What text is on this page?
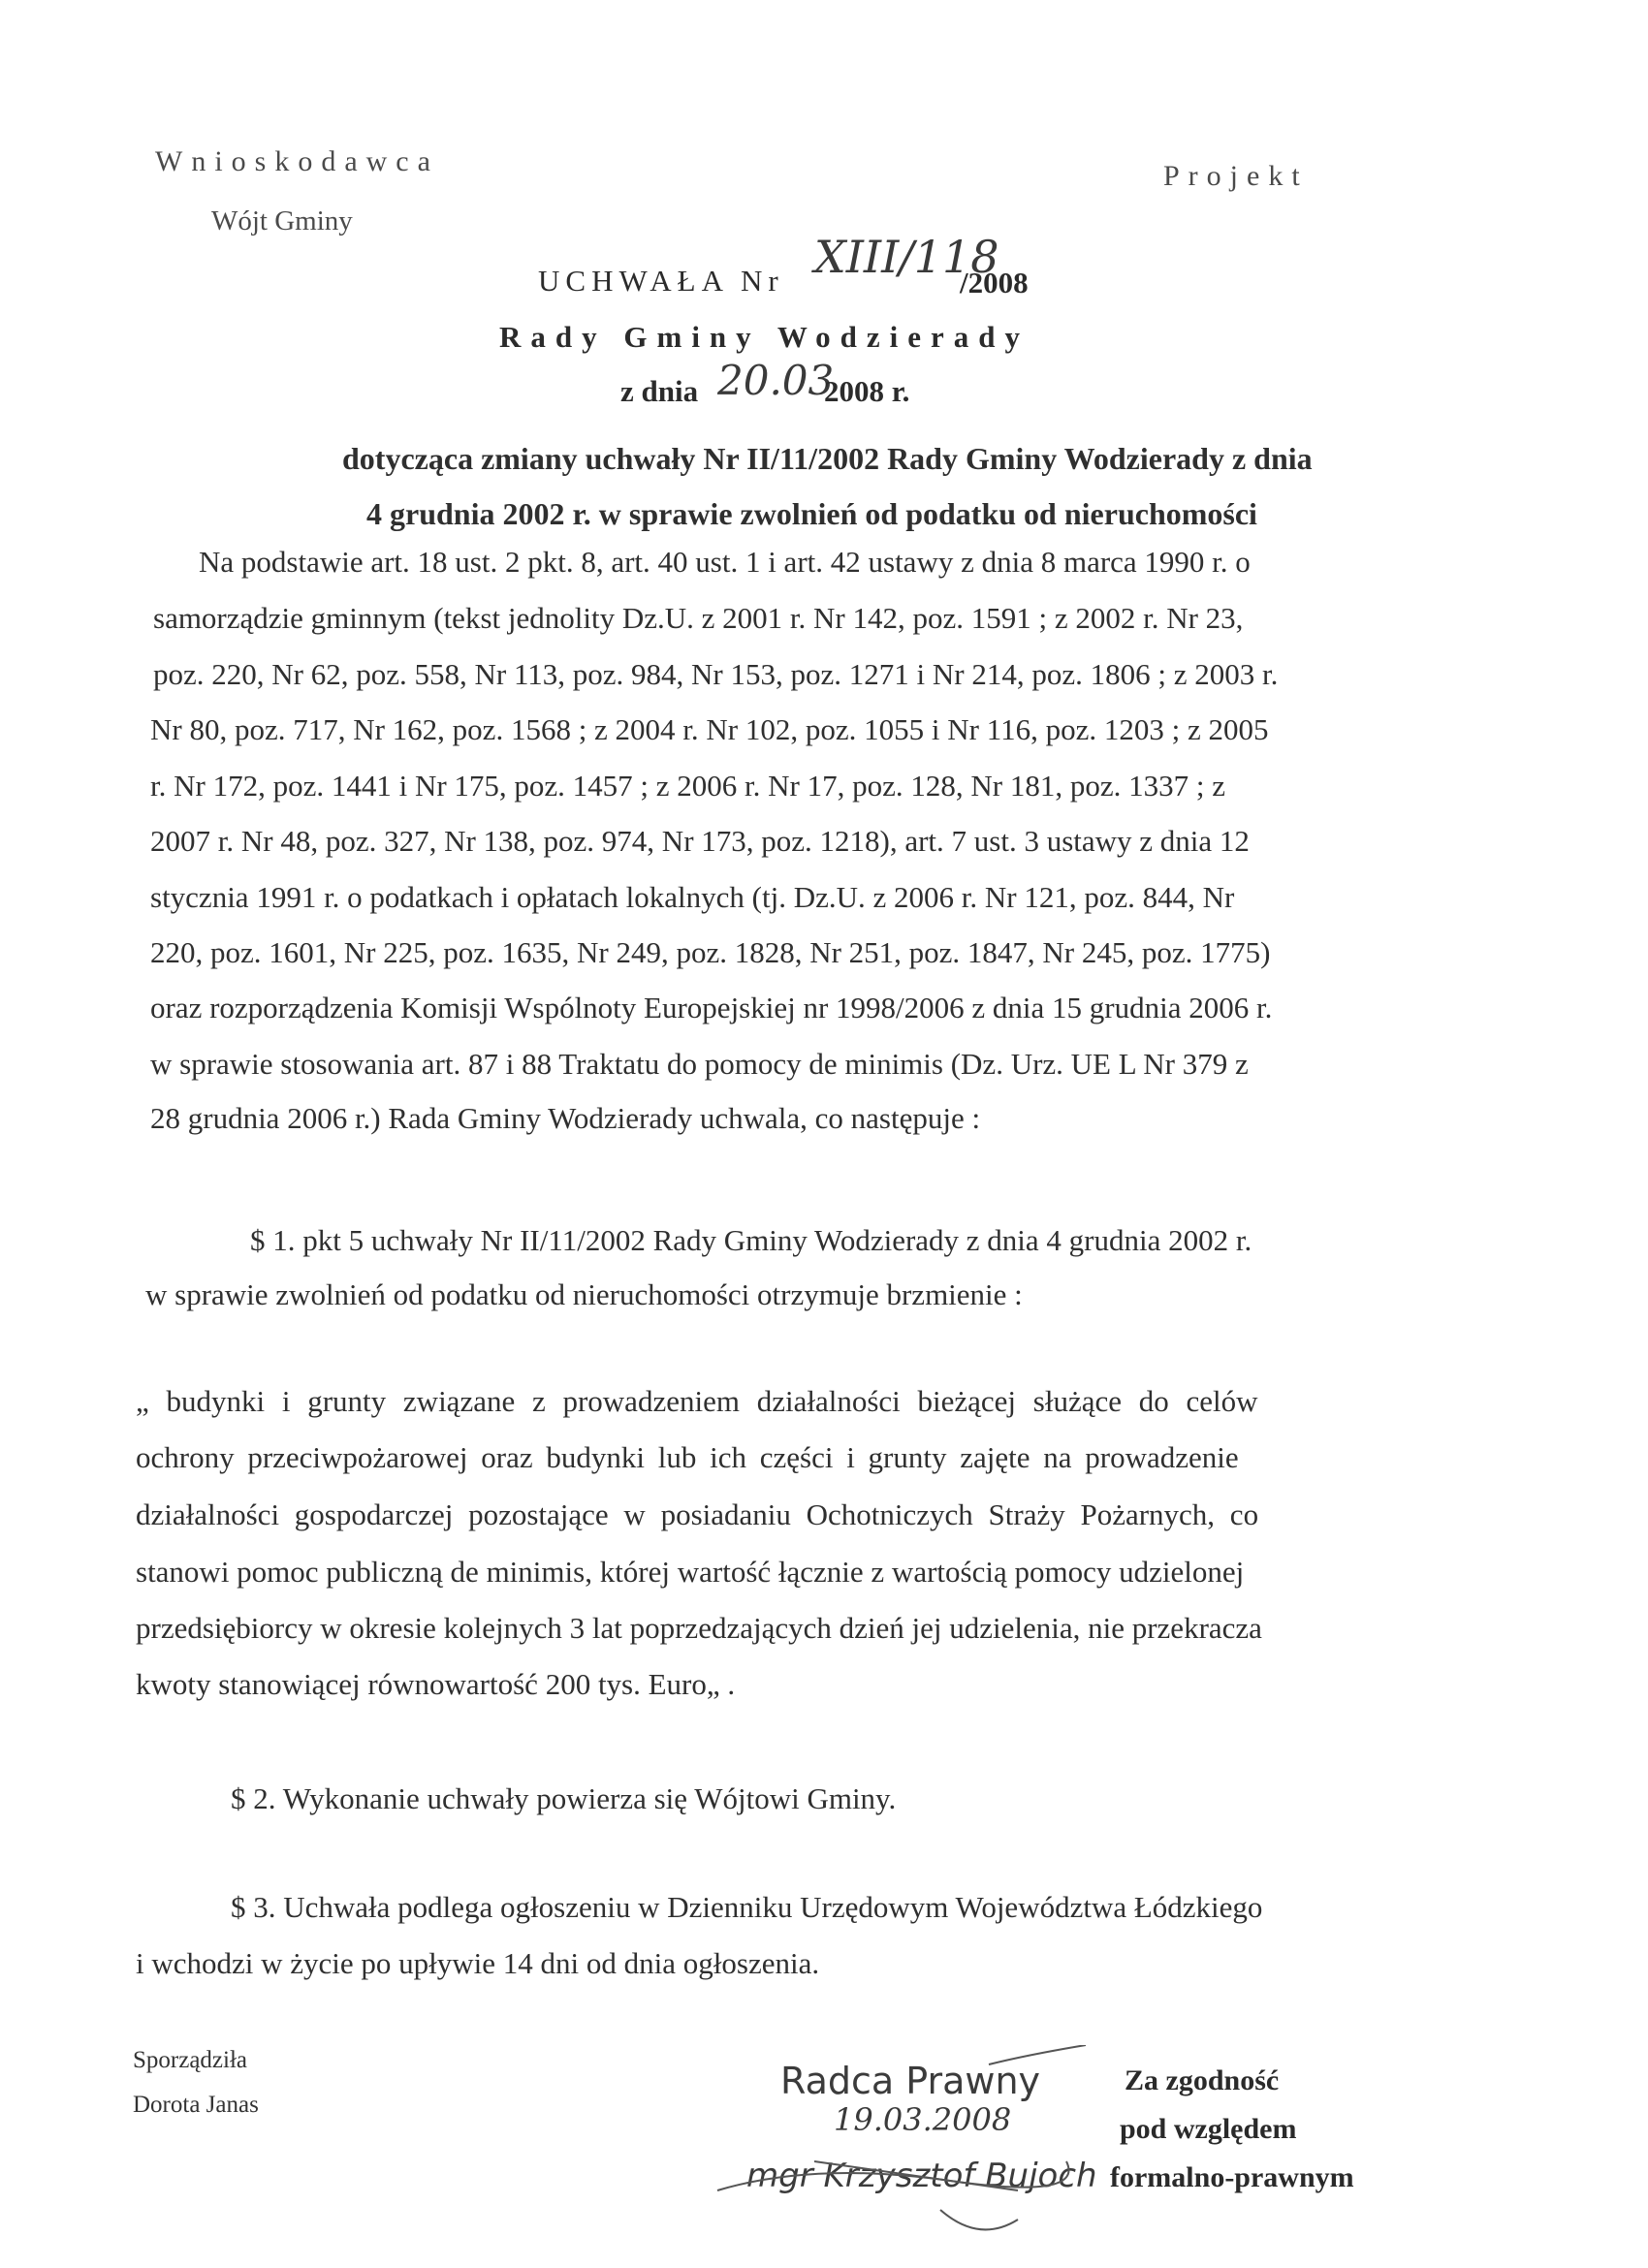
Wnioskodawca
Wójt Gminy
Projekt
UCHWAŁA Nr XIII/118
/2008
Rady Gminy Wodzierady
z dnia 20.03
2008 r.
dotycząca zmiany uchwały Nr II/11/2002 Rady Gminy Wodzierady z dnia
4 grudnia 2002 r. w sprawie zwolnień od podatku od nieruchomości
Na podstawie art. 18 ust. 2 pkt. 8, art. 40 ust. 1 i art. 42 ustawy z dnia 8 marca 1990 r. o
samorządzie gminnym (tekst jednolity Dz.U. z 2001 r. Nr 142, poz. 1591 ; z 2002 r. Nr 23,
poz. 220, Nr 62, poz. 558, Nr 113, poz. 984, Nr 153, poz. 1271 i Nr 214, poz. 1806 ; z 2003 r.
Nr 80, poz. 717, Nr 162, poz. 1568 ; z 2004 r. Nr 102, poz. 1055 i Nr 116, poz. 1203 ; z 2005
r. Nr 172, poz. 1441 i Nr 175, poz. 1457 ; z 2006 r. Nr 17, poz. 128, Nr 181, poz. 1337 ; z
2007 r. Nr 48, poz. 327, Nr 138, poz. 974, Nr 173, poz. 1218), art. 7 ust. 3 ustawy z dnia 12
stycznia 1991 r. o podatkach i opłatach lokalnych (tj. Dz.U. z 2006 r. Nr 121, poz. 844, Nr
220, poz. 1601, Nr 225, poz. 1635, Nr 249, poz. 1828, Nr 251, poz. 1847, Nr 245, poz. 1775)
oraz rozporządzenia Komisji Wspólnoty Europejskiej nr 1998/2006 z dnia 15 grudnia 2006 r.
w sprawie stosowania art. 87 i 88 Traktatu do pomocy de minimis (Dz. Urz. UE L Nr 379 z
28 grudnia 2006 r.) Rada Gminy Wodzierady uchwala, co następuje :
$ 1. pkt 5 uchwały Nr II/11/2002 Rady Gminy Wodzierady z dnia 4 grudnia 2002 r.
w sprawie zwolnień od podatku od nieruchomości otrzymuje brzmienie :
„ budynki i grunty związane z prowadzeniem działalności bieżącej służące do celów
ochrony przeciwpożarowej oraz budynki lub ich części i grunty zajęte na prowadzenie
działalności gospodarczej pozostające w posiadaniu Ochotniczych Straży Pożarnych, co
stanowi pomoc publiczną de minimis, której wartość łącznie z wartością pomocy udzielonej
przedsiębiorcy w okresie kolejnych 3 lat poprzedzających dzień jej udzielenia, nie przekracza
kwoty stanowiącej równowartość 200 tys. Euro„ .
$ 2. Wykonanie uchwały powierza się Wójtowi Gminy.
$ 3. Uchwała podlega ogłoszeniu w Dzienniku Urzędowym Województwa Łódzkiego
i wchodzi w życie po upływie 14 dni od dnia ogłoszenia.
Sporządziła
Dorota Janas
Radca Prawny
19.03.2008
mgr Krzysztof Bujoch
Za zgodność
pod względem
formalno-prawnym
